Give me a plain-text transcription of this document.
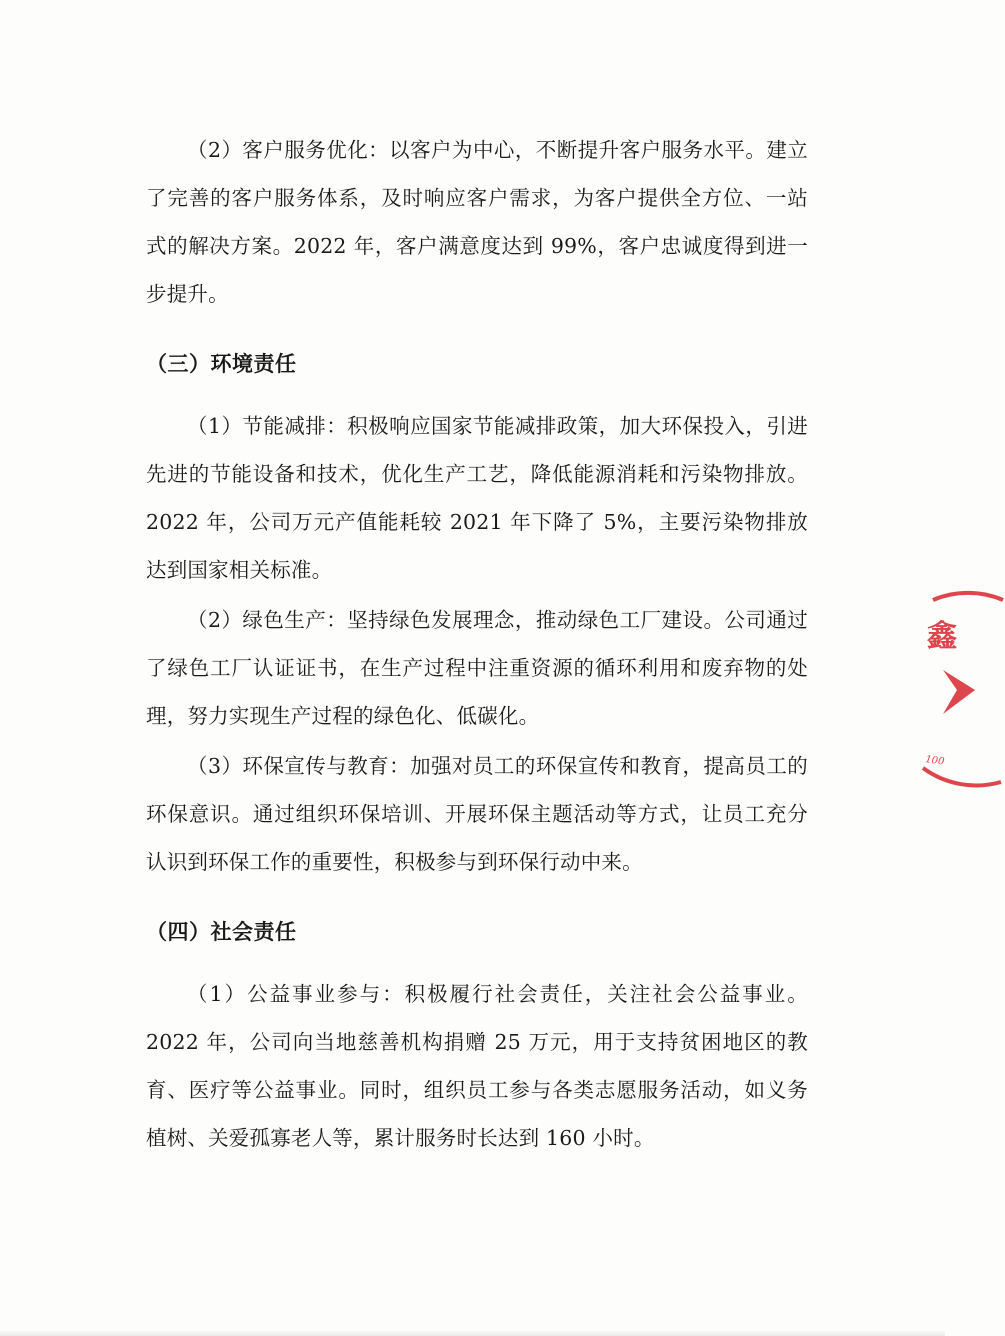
（2）客户服务优化：以客户为中心，不断提升客户服务水平。建立了完善的客户服务体系，及时响应客户需求，为客户提供全方位、一站式的解决方案。2022 年，客户满意度达到 99%，客户忠诚度得到进一步提升。

（三）环境责任

（1）节能减排：积极响应国家节能减排政策，加大环保投入，引进先进的节能设备和技术，优化生产工艺，降低能源消耗和污染物排放。2022 年，公司万元产值能耗较 2021 年下降了 5%，主要污染物排放达到国家相关标准。

（2）绿色生产：坚持绿色发展理念，推动绿色工厂建设。公司通过了绿色工厂认证证书，在生产过程中注重资源的循环利用和废弃物的处理，努力实现生产过程的绿色化、低碳化。

（3）环保宣传与教育：加强对员工的环保宣传和教育，提高员工的环保意识。通过组织环保培训、开展环保主题活动等方式，让员工充分认识到环保工作的重要性，积极参与到环保行动中来。

（四）社会责任

（1）公益事业参与：积极履行社会责任，关注社会公益事业。2022 年，公司向当地慈善机构捐赠 25 万元，用于支持贫困地区的教育、医疗等公益事业。同时，组织员工参与各类志愿服务活动，如义务植树、关爱孤寡老人等，累计服务时长达到 160 小时。

鑫
100
